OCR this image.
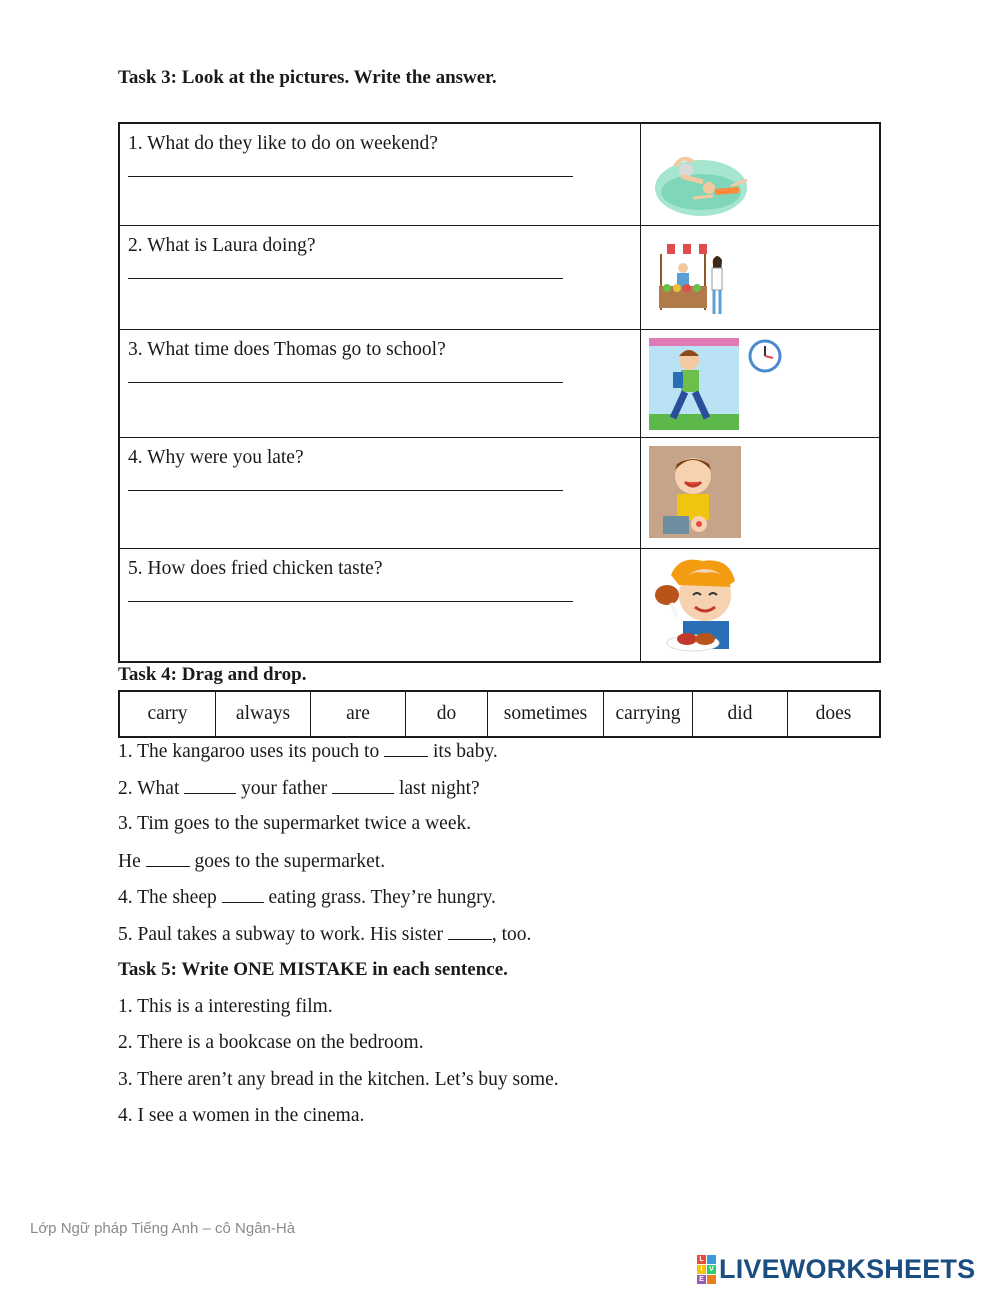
Task 3: Look at the pictures. Write the answer.
1. What do they like to do on weekend?
2. What is Laura doing?
3. What time does Thomas go to school?
4. Why were you late?
5. How does fried chicken taste?
Task 4: Drag and drop.
carry	always	are	do	sometimes	carrying	did	does
1. The kangaroo uses its pouch to  its baby.
2. What	your father	last night?
3. Tim goes to the supermarket twice a week.
He  goes to the supermarket.
4. The sheep  eating grass. They’re hungry.
5. Paul takes a subway to work. His sister , too.
Task 5: Write ONE MISTAKE in each sentence.
1. This is a interesting film.
2. There is a bookcase on the bedroom.
3. There aren’t any bread in the kitchen. Let’s buy some.
4. I see a women in the cinema.
Lớp Ngữ pháp Tiếng Anh – cô Ngân-Hà
L
I V
E LIVEWORKSHEETS
